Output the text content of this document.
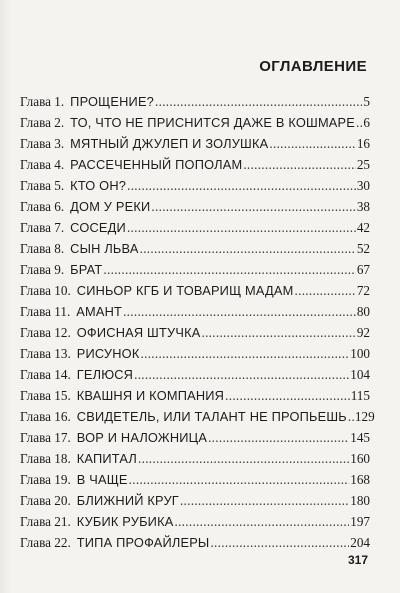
ОГЛАВЛЕНИЕ
Глава 1. ПРОЩЕНИЕ? . . .	5
Глава 2. ТО, ЧТО НЕ ПРИСНИТСЯ ДАЖЕ В КОШМАРЕ . . . 6
Глава 3. МЯТНЫЙ ДЖУЛЕП И ЗОЛУШКА . . .	16
Глава 4. РАССЕЧЕННЫЙ ПОПОЛАМ . . .	25
Глава 5. КТО ОН? . . .	30
Глава 6. ДОМ У РЕКИ . . .	38
Глава 7. СОСЕДИ . . .	42
Глава 8. СЫН ЛЬВА . . .	52
Глава 9. БРАТ . . .	67
Глава 10. СИНЬОР КГБ И ТОВАРИЩ МАДАМ . . .	72
Глава 11. АМАНТ . . .	80
Глава 12. ОФИСНАЯ ШТУЧКА . . .	92
Глава 13. РИСУНОК . . .	100
Глава 14. ГЕЛЮСЯ . . .	104
Глава 15. КВАШНЯ И КОМПАНИЯ . . .	115
Глава 16. СВИДЕТЕЛЬ, ИЛИ ТАЛАНТ НЕ ПРОПЬЕШЬ . . . 129
Глава 17. ВОР И НАЛОЖНИЦА . . .	145
Глава 18. КАПИТАЛ . . .	160
Глава 19. В ЧАЩЕ . . .	168
Глава 20. БЛИЖНИЙ КРУГ . . .	180
Глава 21. КУБИК РУБИКА . . .	197
Глава 22. ТИПА ПРОФАЙЛЕРЫ . . .	204
317
